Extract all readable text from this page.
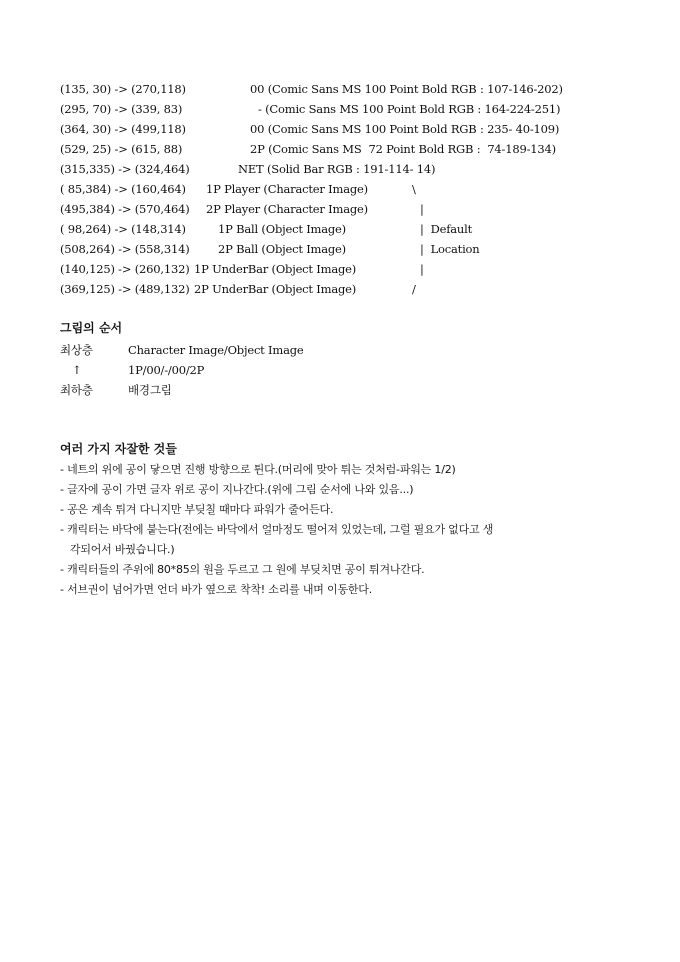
(135, 30) -> (270,118)	00 (Comic Sans MS 100 Point Bold RGB : 107-146-202)
(295, 70) -> (339, 83)	- (Comic Sans MS 100 Point Bold RGB : 164-224-251)
(364, 30) -> (499,118)	00 (Comic Sans MS 100 Point Bold RGB : 235- 40-109)
(529, 25) -> (615, 88)	2P (Comic Sans MS  72 Point Bold RGB :  74-189-134)
(315,335) -> (324,464)	NET (Solid Bar RGB : 191-114- 14)
( 85,384) -> (160,464) 1P Player (Character Image)	\
(495,384) -> (570,464) 2P Player (Character Image)	|
( 98,264) -> (148,314)	1P Ball (Object Image)	|  Default
(508,264) -> (558,314) 2P Ball (Object Image)	|  Location
(140,125) -> (260,132) 1P UnderBar (Object Image)	|
(369,125) -> (489,132) 2P UnderBar (Object Image)	/
그림의 순서
최상층	Character Image/Object Image
↑	1P/00/-/00/2P
최하층	배경그림
여러 가지 자잘한 것들
- 네트의 위에 공이 닿으면 진행 방향으로 튄다.(머리에 맞아 튀는 것처럼-파워는 1/2)
- 글자에 공이 가면 글자 위로 공이 지나간다.(위에 그림 순서에 나와 있음...)
- 공은 계속 튀겨 다니지만 부딪칠 때마다 파워가 줄어든다.
- 캐릭터는 바닥에 붙는다(전에는 바닥에서 얼마정도 떨어져 있었는데, 그럴 필요가 없다고 생
각되어서 바꿨습니다.)
- 캐릭터들의 주위에 80*85의 원을 두르고 그 원에 부딪치면 공이 튀겨나간다.
- 서브권이 넘어가면 언더 바가 옆으로 착착! 소리를 내며 이동한다.
